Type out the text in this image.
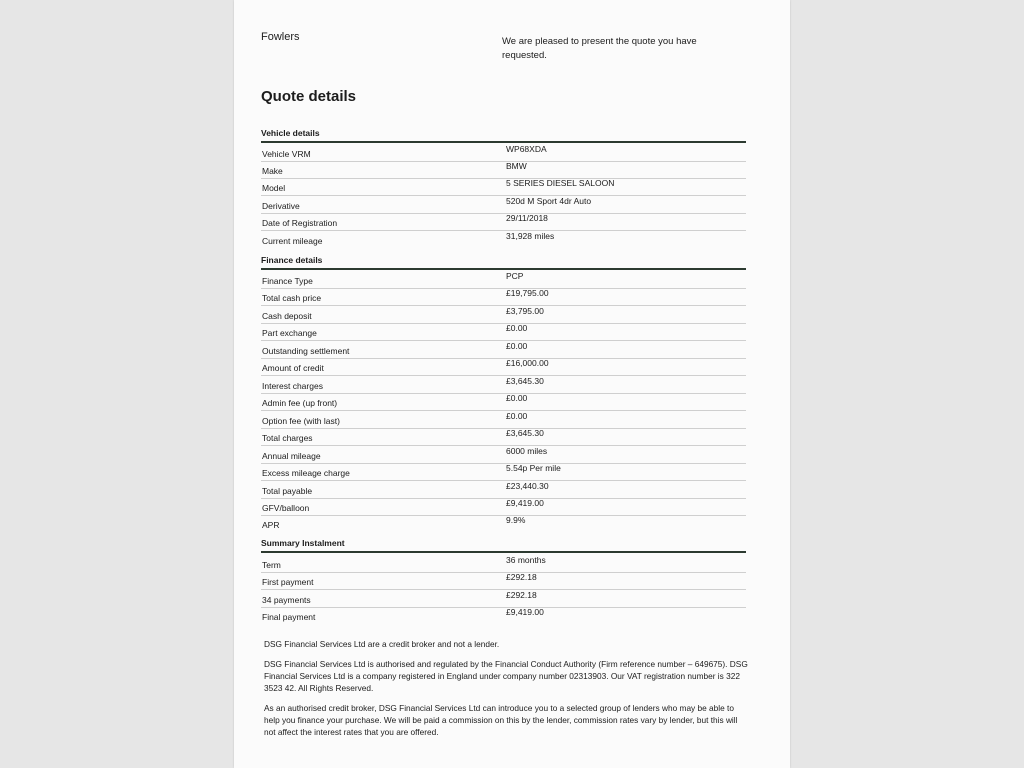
Fowlers	We are pleased to present the quote you have requested.
Quote details
Vehicle details
Vehicle VRM	WP68XDA
Make	BMW
Model	5 SERIES DIESEL SALOON
Derivative	520d M Sport 4dr Auto
Date of Registration	29/11/2018
Current mileage	31,928 miles
Finance details
Finance Type	PCP
Total cash price	£19,795.00
Cash deposit	£3,795.00
Part exchange	£0.00
Outstanding settlement	£0.00
Amount of credit	£16,000.00
Interest charges	£3,645.30
Admin fee (up front)	£0.00
Option fee (with last)	£0.00
Total charges	£3,645.30
Annual mileage	6000 miles
Excess mileage charge	5.54p Per mile
Total payable	£23,440.30
GFV/balloon	£9,419.00
APR	9.9%
Summary Instalment
Term	36 months
First payment	£292.18
34 payments	£292.18
Final payment	£9,419.00

DSG Financial Services Ltd are a credit broker and not a lender.

DSG Financial Services Ltd is authorised and regulated by the Financial Conduct Authority (Firm reference number – 649675). DSG Financial Services Ltd is a company registered in England under company number 02313903. Our VAT registration number is 322 3523 42. All Rights Reserved.

As an authorised credit broker, DSG Financial Services Ltd can introduce you to a selected group of lenders who may be able to help you finance your purchase. We will be paid a commission on this by the lender, commission rates vary by lender, but this will not affect the interest rates that you are offered.
